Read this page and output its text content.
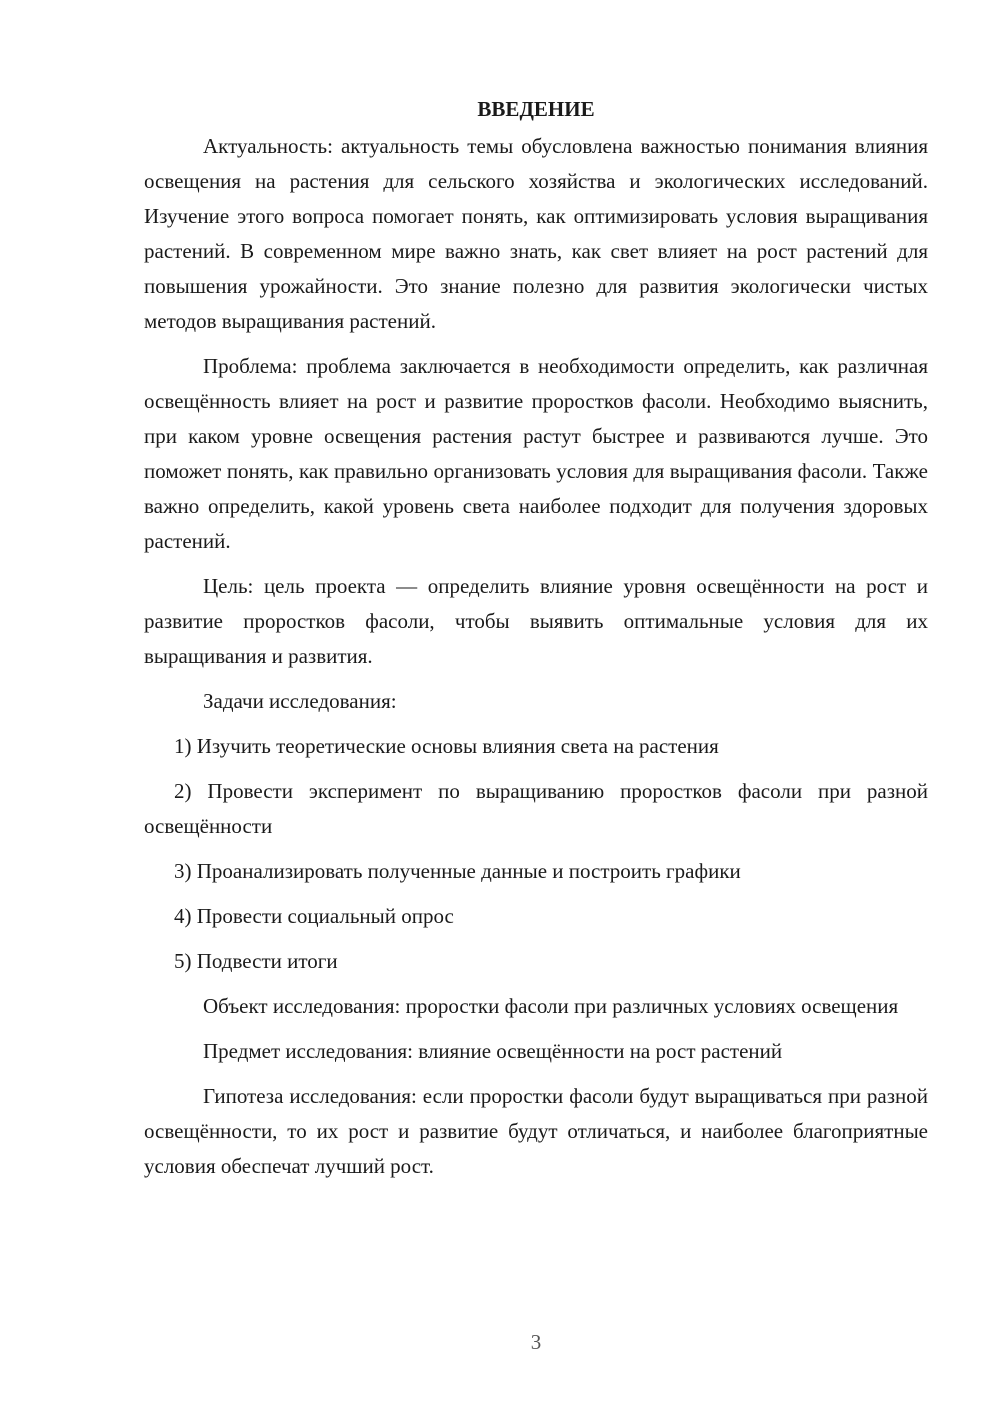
ВВЕДЕНИЕ

Актуальность: актуальность темы обусловлена важностью понимания влияния освещения на растения для сельского хозяйства и экологических исследований. Изучение этого вопроса помогает понять, как оптимизировать условия выращивания растений. В современном мире важно знать, как свет влияет на рост растений для повышения урожайности. Это знание полезно для развития экологически чистых методов выращивания растений.

Проблема: проблема заключается в необходимости определить, как различная освещённость влияет на рост и развитие проростков фасоли. Необходимо выяснить, при каком уровне освещения растения растут быстрее и развиваются лучше. Это поможет понять, как правильно организовать условия для выращивания фасоли. Также важно определить, какой уровень света наиболее подходит для получения здоровых растений.

Цель: цель проекта — определить влияние уровня освещённости на рост и развитие проростков фасоли, чтобы выявить оптимальные условия для их выращивания и развития.

Задачи исследования:

1) Изучить теоретические основы влияния света на растения

2) Провести эксперимент по выращиванию проростков фасоли при разной освещённости

3) Проанализировать полученные данные и построить графики

4) Провести социальный опрос

5) Подвести итоги

Объект исследования: проростки фасоли при различных условиях освещения

Предмет исследования: влияние освещённости на рост растений

Гипотеза исследования: если проростки фасоли будут выращиваться при разной освещённости, то их рост и развитие будут отличаться, и наиболее благоприятные условия обеспечат лучший рост.

3
